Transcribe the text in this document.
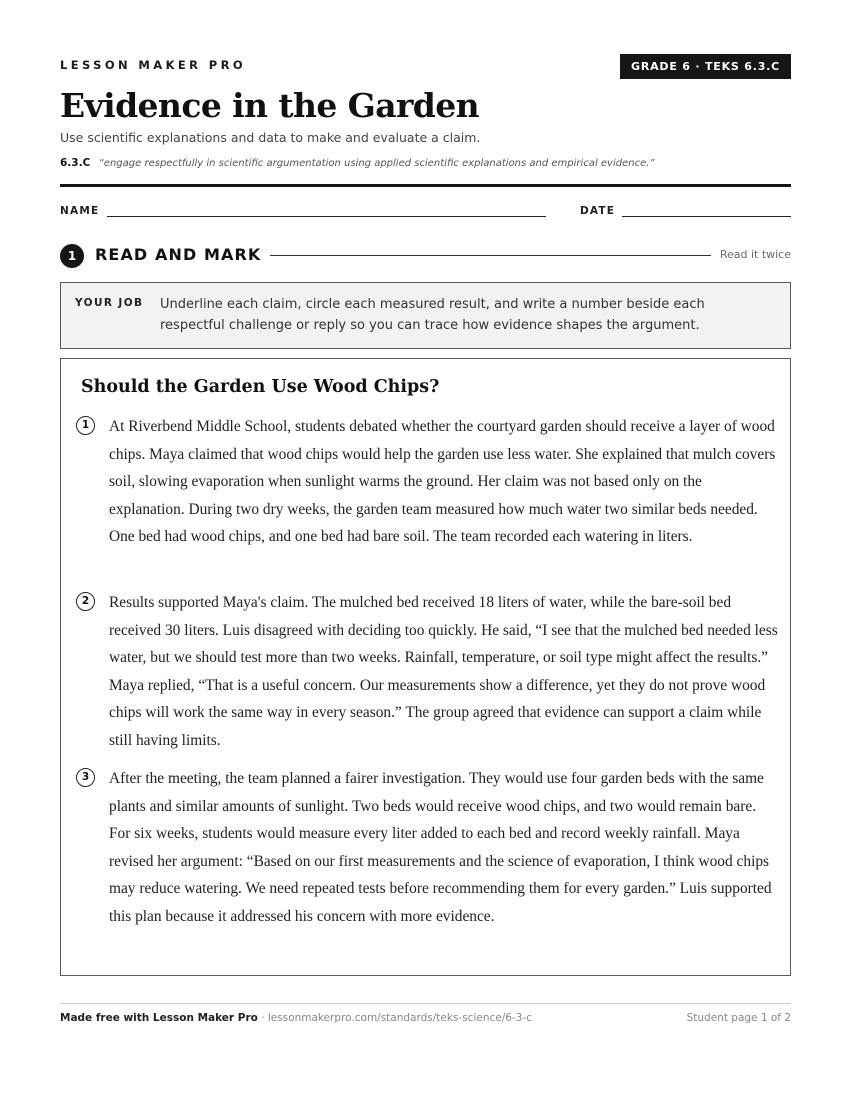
LESSON MAKER PRO	GRADE 6 · TEKS 6.3.C
Evidence in the Garden
Use scientific explanations and data to make and evaluate a claim.
6.3.C “engage respectfully in scientific argumentation using applied scientific explanations and empirical evidence.”
NAME	DATE
1	READ AND MARK	Read it twice
YOUR JOB Underline each claim, circle each measured result, and write a number beside each respectful challenge or reply so you can trace how evidence shapes the argument.
Should the Garden Use Wood Chips?
1	At Riverbend Middle School, students debated whether the courtyard garden should receive a layer of wood chips. Maya claimed that wood chips would help the garden use less water. She explained that mulch covers soil, slowing evaporation when sunlight warms the ground. Her claim was not based only on the explanation. During two dry weeks, the garden team measured how much water two similar beds needed. One bed had wood chips, and one bed had bare soil. The team recorded each watering in liters.
2	Results supported Maya's claim. The mulched bed received 18 liters of water, while the bare-soil bed received 30 liters. Luis disagreed with deciding too quickly. He said, “I see that the mulched bed needed less water, but we should test more than two weeks. Rainfall, temperature, or soil type might affect the results.” Maya replied, “That is a useful concern. Our measurements show a difference, yet they do not prove wood chips will work the same way in every season.” The group agreed that evidence can support a claim while still having limits.
3	After the meeting, the team planned a fairer investigation. They would use four garden beds with the same plants and similar amounts of sunlight. Two beds would receive wood chips, and two would remain bare. For six weeks, students would measure every liter added to each bed and record weekly rainfall. Maya revised her argument: “Based on our first measurements and the science of evaporation, I think wood chips may reduce watering. We need repeated tests before recommending them for every garden.” Luis supported this plan because it addressed his concern with more evidence.
Made free with Lesson Maker Pro · lessonmakerpro.com/standards/teks-science/6-3-c	Student page 1 of 2
